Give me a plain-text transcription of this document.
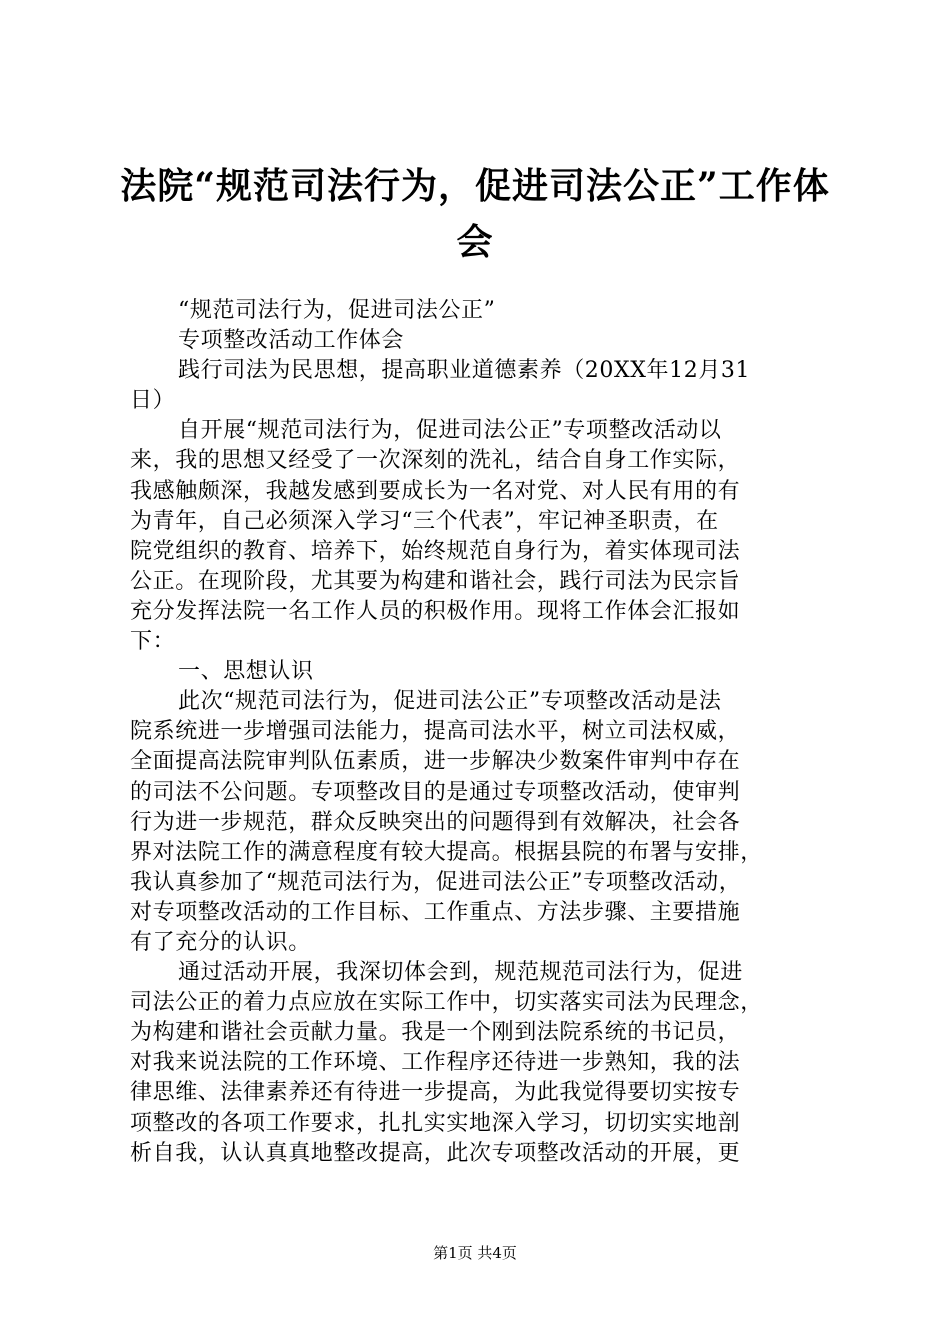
法院“规范司法行为，促进司法公正”工作体
会
“规范司法行为，促进司法公正”
专项整改活动工作体会
践行司法为民思想，提高职业道德素养（20XX年12月31
日）
自开展“规范司法行为，促进司法公正”专项整改活动以
来，我的思想又经受了一次深刻的洗礼，结合自身工作实际，
我感触颇深，我越发感到要成长为一名对党、对人民有用的有
为青年，自己必须深入学习“三个代表”，牢记神圣职责，在
院党组织的教育、培养下，始终规范自身行为，着实体现司法
公正。在现阶段，尤其要为构建和谐社会，践行司法为民宗旨
充分发挥法院一名工作人员的积极作用。现将工作体会汇报如
下：
一、思想认识
此次“规范司法行为，促进司法公正”专项整改活动是法
院系统进一步增强司法能力，提高司法水平，树立司法权威，
全面提高法院审判队伍素质，进一步解决少数案件审判中存在
的司法不公问题。专项整改目的是通过专项整改活动，使审判
行为进一步规范，群众反映突出的问题得到有效解决，社会各
界对法院工作的满意程度有较大提高。根据县院的布署与安排，
我认真参加了“规范司法行为，促进司法公正”专项整改活动，
对专项整改活动的工作目标、工作重点、方法步骤、主要措施
有了充分的认识。
通过活动开展，我深切体会到，规范规范司法行为，促进
司法公正的着力点应放在实际工作中，切实落实司法为民理念，
为构建和谐社会贡献力量。我是一个刚到法院系统的书记员，
对我来说法院的工作环境、工作程序还待进一步熟知，我的法
律思维、法律素养还有待进一步提高，为此我觉得要切实按专
项整改的各项工作要求，扎扎实实地深入学习，切切实实地剖
析自我，认认真真地整改提高，此次专项整改活动的开展，更
第1页 共4页
